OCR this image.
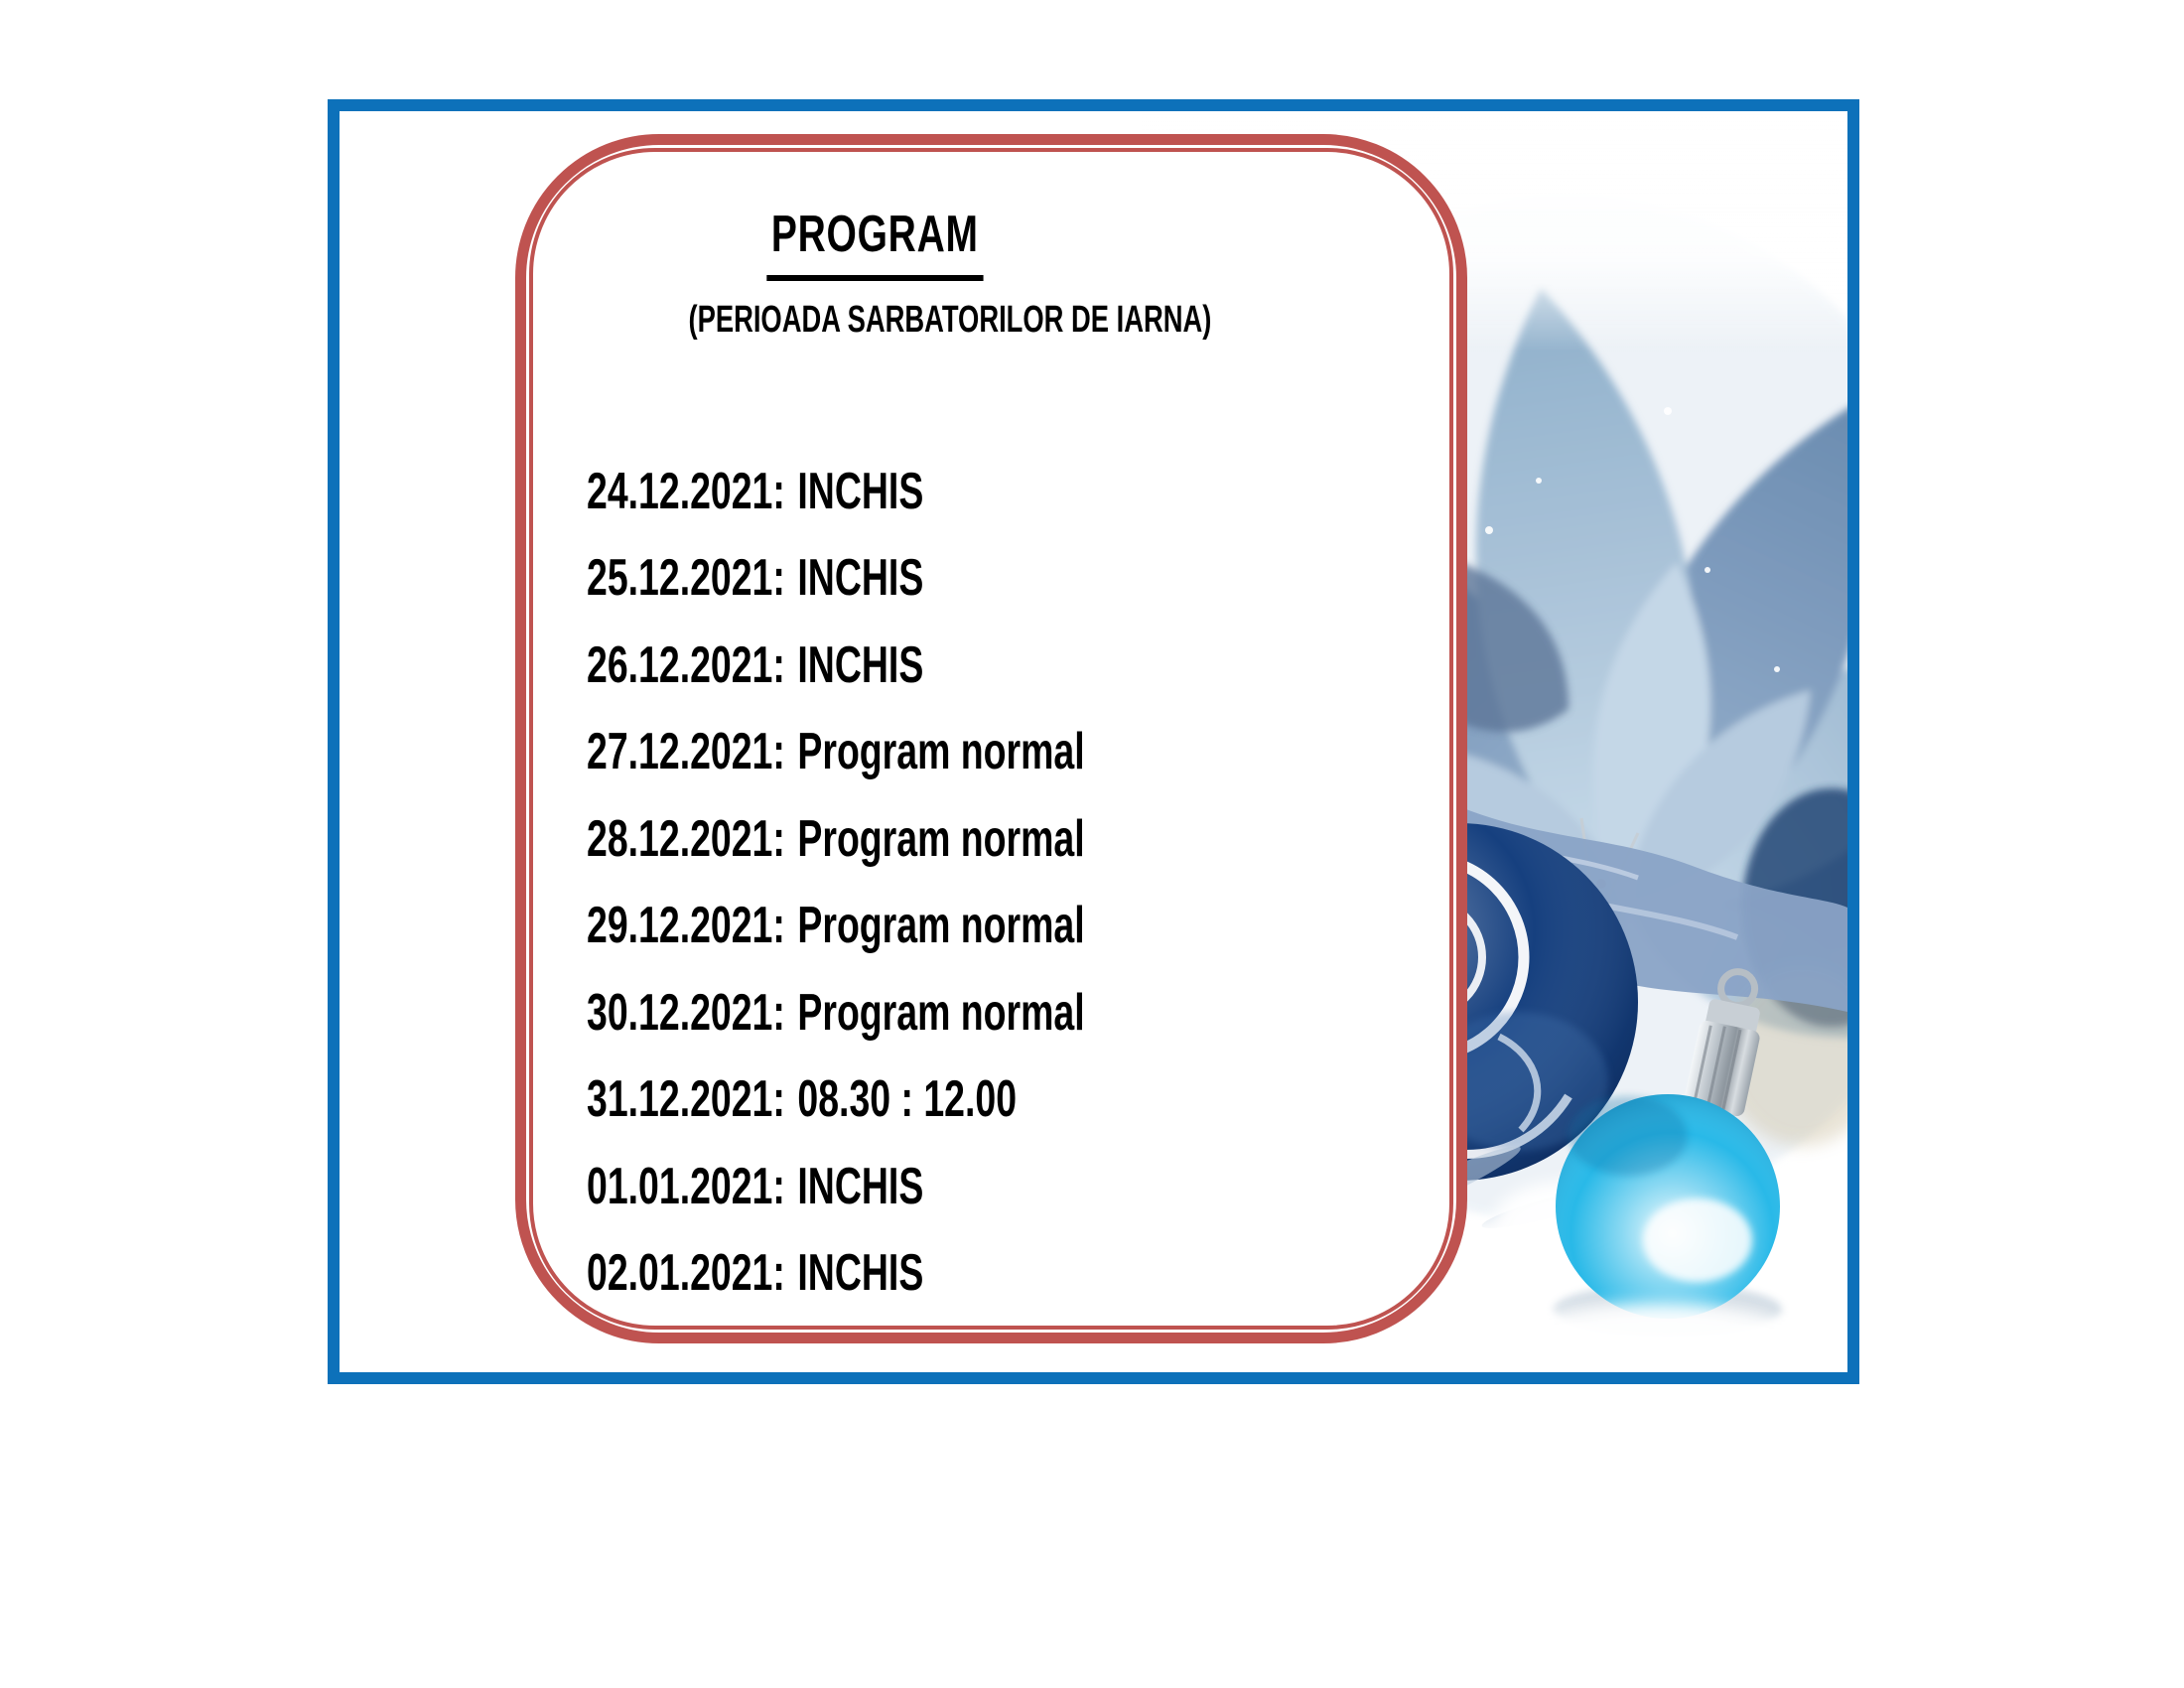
PROGRAM
(PERIOADA SARBATORILOR DE IARNA)
24.12.2021: INCHIS
25.12.2021: INCHIS
26.12.2021: INCHIS
27.12.2021: Program normal
28.12.2021: Program normal
29.12.2021: Program normal
30.12.2021: Program normal
31.12.2021: 08.30 : 12.00
01.01.2021: INCHIS
02.01.2021: INCHIS
